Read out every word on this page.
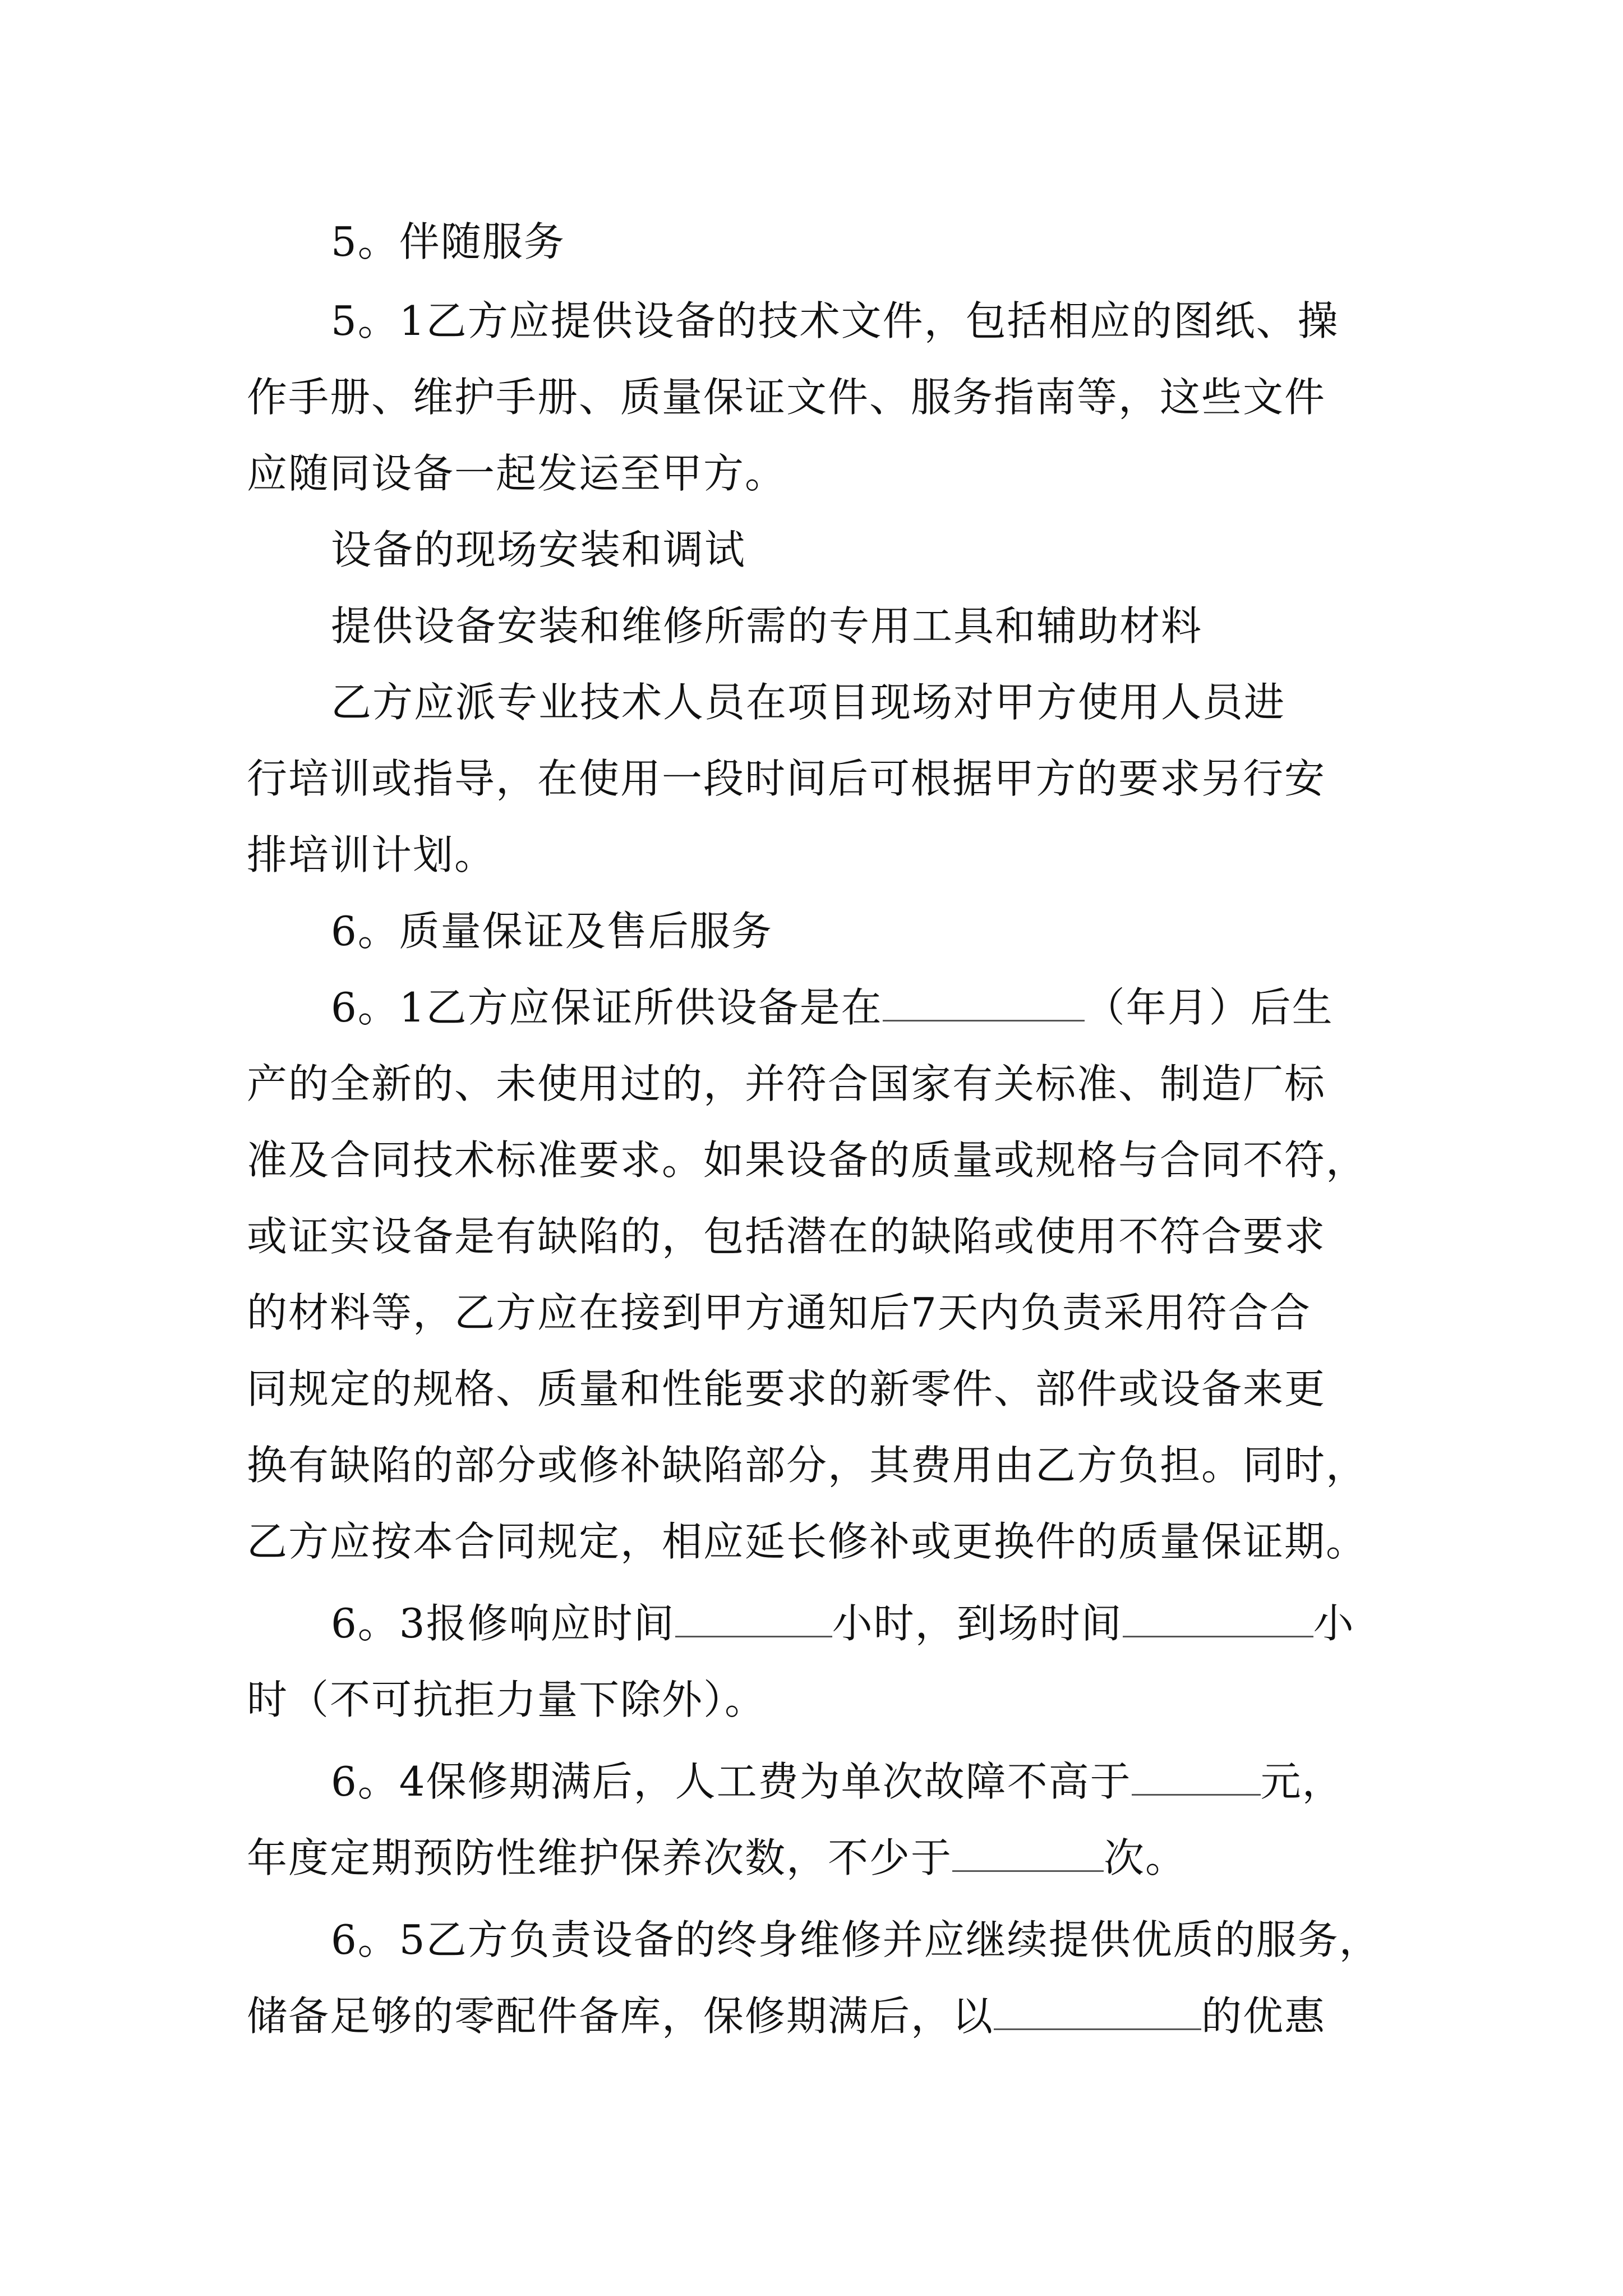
5。伴随服务
5。1乙方应提供设备的技术文件，包括相应的图纸、操
作手册、维护手册、质量保证文件、服务指南等，这些文件
应随同设备一起发运至甲方。
设备的现场安装和调试
提供设备安装和维修所需的专用工具和辅助材料
乙方应派专业技术人员在项目现场对甲方使用人员进
行培训或指导，在使用一段时间后可根据甲方的要求另行安
排培训计划。
6。质量保证及售后服务
6。1乙方应保证所供设备是在	（年月）后生
产的全新的、未使用过的，并符合国家有关标准、制造厂标
准及合同技术标准要求。如果设备的质量或规格与合同不符，
或证实设备是有缺陷的，包括潜在的缺陷或使用不符合要求
的材料等，乙方应在接到甲方通知后7天内负责采用符合合
同规定的规格、质量和性能要求的新零件、部件或设备来更
换有缺陷的部分或修补缺陷部分，其费用由乙方负担。同时，
乙方应按本合同规定，相应延长修补或更换件的质量保证期。
6。3报修响应时间	小时，到场时间	小
时（不可抗拒力量下除外）。
6。4保修期满后，人工费为单次故障不高于	元，
年度定期预防性维护保养次数，不少于	次。
6。5乙方负责设备的终身维修并应继续提供优质的服务，
储备足够的零配件备库，保修期满后，以	的优惠
